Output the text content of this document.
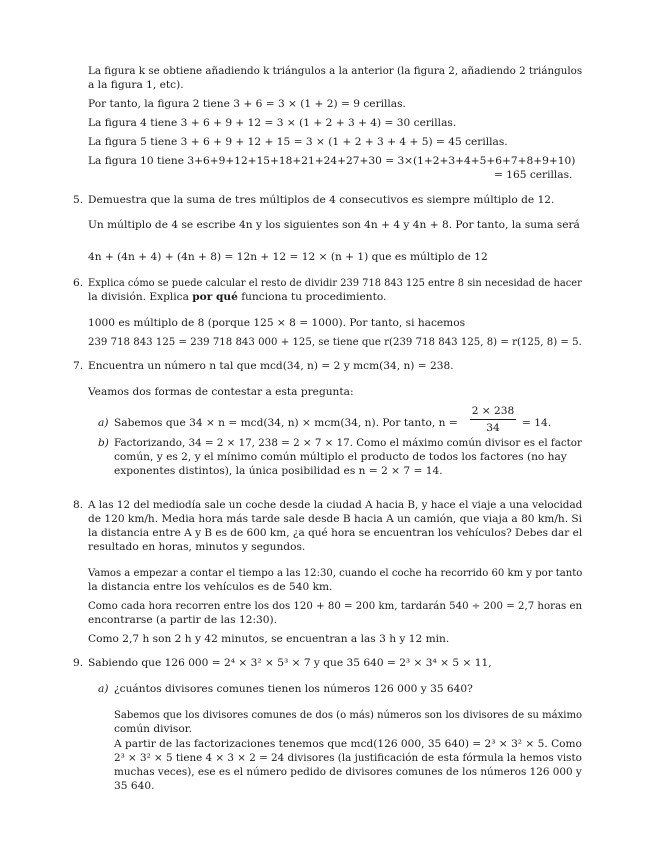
La figura k se obtiene añadiendo k triángulos a la anterior (la figura 2, añadiendo 2 triángulos
a la figura 1, etc).
Por tanto, la figura 2 tiene 3 + 6 = 3 × (1 + 2) = 9 cerillas.
La figura 4 tiene 3 + 6 + 9 + 12 = 3 × (1 + 2 + 3 + 4) = 30 cerillas.
La figura 5 tiene 3 + 6 + 9 + 12 + 15 = 3 × (1 + 2 + 3 + 4 + 5) = 45 cerillas.
La figura 10 tiene 3+6+9+12+15+18+21+24+27+30 = 3×(1+2+3+4+5+6+7+8+9+10)
= 165 cerillas.
5. Demuestra que la suma de tres múltiplos de 4 consecutivos es siempre múltiplo de 12.
Un múltiplo de 4 se escribe 4n y los siguientes son 4n + 4 y 4n + 8. Por tanto, la suma será
4n + (4n + 4) + (4n + 8) = 12n + 12 = 12 × (n + 1) que es múltiplo de 12
6. Explica cómo se puede calcular el resto de dividir 239 718 843 125 entre 8 sin necesidad de hacer
la división. Explica por qué funciona tu procedimiento.
1000 es múltiplo de 8 (porque 125 × 8 = 1000). Por tanto, si hacemos
239 718 843 125 = 239 718 843 000 + 125, se tiene que r(239 718 843 125, 8) = r(125, 8) = 5.
7. Encuentra un número n tal que mcd(34, n) = 2 y mcm(34, n) = 238.
Veamos dos formas de contestar a esta pregunta:
a) Sabemos que 34 × n = mcd(34, n) × mcm(34, n). Por tanto, n =
2 × 238
34	= 14.
b) Factorizando, 34 = 2 × 17, 238 = 2 × 7 × 17. Como el máximo común divisor es el factor
común, y es 2, y el mínimo común múltiplo el producto de todos los factores (no hay
exponentes distintos), la única posibilidad es n = 2 × 7 = 14.
8. A las 12 del mediodía sale un coche desde la ciudad A hacia B, y hace el viaje a una velocidad
de 120 km/h. Media hora más tarde sale desde B hacia A un camión, que viaja a 80 km/h. Si
la distancia entre A y B es de 600 km, ¿a qué hora se encuentran los vehículos? Debes dar el
resultado en horas, minutos y segundos.
Vamos a empezar a contar el tiempo a las 12:30, cuando el coche ha recorrido 60 km y por tanto
la distancia entre los vehículos es de 540 km.
Como cada hora recorren entre los dos 120 + 80 = 200 km, tardarán 540 ÷ 200 = 2,7 horas en
encontrarse (a partir de las 12:30).
Como 2,7 h son 2 h y 42 minutos, se encuentran a las 3 h y 12 min.
9. Sabiendo que 126 000 = 2⁴ × 3² × 5³ × 7 y que 35 640 = 2³ × 3⁴ × 5 × 11,
a) ¿cuántos divisores comunes tienen los números 126 000 y 35 640?
Sabemos que los divisores comunes de dos (o más) números son los divisores de su máximo
común divisor.
A partir de las factorizaciones tenemos que mcd(126 000, 35 640) = 2³ × 3² × 5. Como
2³ × 3² × 5 tiene 4 × 3 × 2 = 24 divisores (la justificación de esta fórmula la hemos visto
muchas veces), ese es el número pedido de divisores comunes de los números 126 000 y
35 640.
